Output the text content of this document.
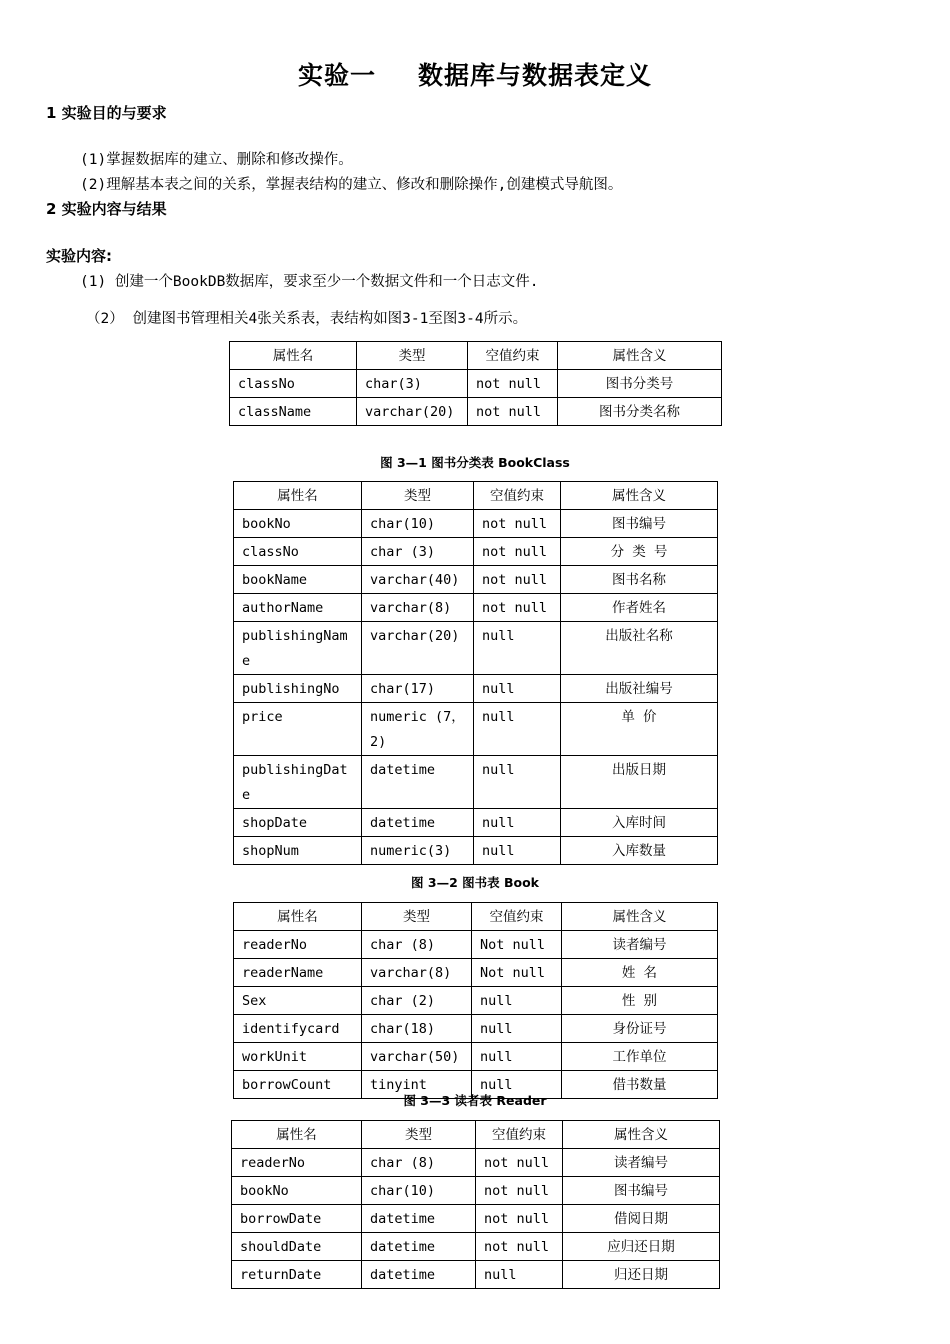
实验一 数据库与数据表定义
1 实验目的与要求
(1)掌握数据库的建立、删除和修改操作。
(2)理解基本表之间的关系，掌握表结构的建立、修改和删除操作,创建模式导航图。
2 实验内容与结果
实验内容:
(1) 创建一个BookDB数据库，要求至少一个数据文件和一个日志文件.
（2） 创建图书管理相关4张关系表，表结构如图3-1至图3-4所示。
属性名	类型	空值约束	属性含义
classNo	char(3)	not null	图书分类号
className	varchar(20)	not null	图书分类名称
图 3—1 图书分类表 BookClass
属性名	类型	空值约束	属性含义
bookNo	char(10)	not null	图书编号
classNo	char (3)	not null	分 类 号
bookName	varchar(40)	not null	图书名称
authorName	varchar(8)	not null	作者姓名
publishingName	varchar(20)	null	出版社名称
publishingNo	char(17)	null	出版社编号
price	numeric (7，2)	null	单 价
publishingDate	datetime	null	出版日期
shopDate	datetime	null	入库时间
shopNum	numeric(3)	null	入库数量
图 3—2 图书表 Book
属性名	类型	空值约束	属性含义
readerNo	char (8)	Not null	读者编号
readerName	varchar(8)	Not null	姓 名
Sex	char (2)	null	性 别
identifycard	char(18)	null	身份证号
workUnit	varchar(50)	null	工作单位
borrowCount	tinyint	null	借书数量
图 3—3 读者表 Reader
属性名	类型	空值约束	属性含义
readerNo	char (8)	not null	读者编号
bookNo	char(10)	not null	图书编号
borrowDate	datetime	not null	借阅日期
shouldDate	datetime	not null	应归还日期
returnDate	datetime	null	归还日期
